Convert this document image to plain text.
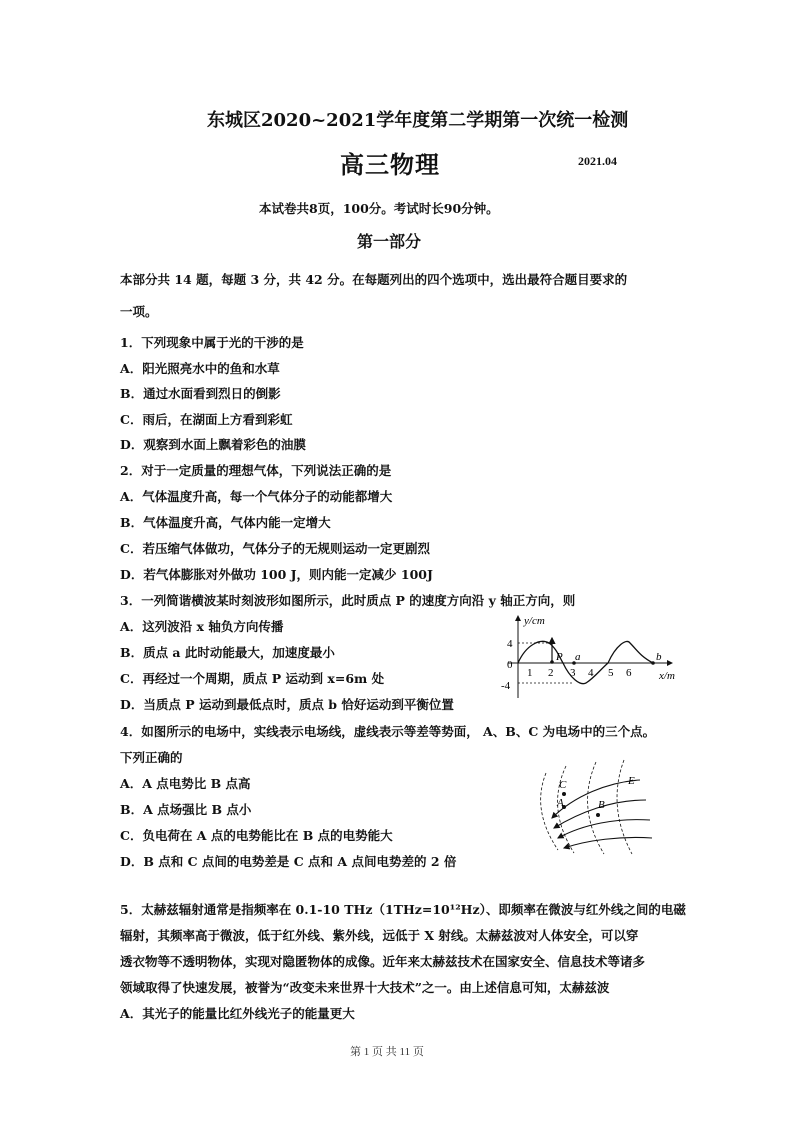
东城区2020~2021学年度第二学期第一次统一检测
高三物理	2021.04
本试卷共8页，100分。考试时长90分钟。
第一部分
本部分共 14 题，每题 3 分，共 42 分。在每题列出的四个选项中，选出最符合题目要求的
一项。
1．下列现象中属于光的干涉的是
A．阳光照亮水中的鱼和水草
B．通过水面看到烈日的倒影
C．雨后，在湖面上方看到彩虹
D．观察到水面上飘着彩色的油膜
2．对于一定质量的理想气体，下列说法正确的是
A．气体温度升高，每一个气体分子的动能都增大
B．气体温度升高，气体内能一定增大
C．若压缩气体做功，气体分子的无规则运动一定更剧烈
D．若气体膨胀对外做功 100 J，则内能一定减少 100J
3．一列简谐横波某时刻波形如图所示，此时质点 P 的速度方向沿 y 轴正方向，则
A．这列波沿 x 轴负方向传播
B．质点 a 此时动能最大，加速度最小
C．再经过一个周期，质点 P 运动到 x=6m 处
D．当质点 P 运动到最低点时，质点 b 恰好运动到平衡位置
y/cm
x/m
4
0
-4
1 2 3 4 5 6
P a	b
4．如图所示的电场中，实线表示电场线，虚线表示等差等势面， A、B、C 为电场中的三个点。
下列正确的
A．A 点电势比 B 点高
B．A 点场强比 B 点小
C．负电荷在 A 点的电势能比在 B 点的电势能大
D．B 点和 C 点间的电势差是 C 点和 A 点间电势差的 2 倍
C
A	B
E
5．太赫兹辐射通常是指频率在 0.1-10 THz（1THz=10¹²Hz）、即频率在微波与红外线之间的电磁
辐射，其频率高于微波，低于红外线、紫外线，远低于 X 射线。太赫兹波对人体安全，可以穿
透衣物等不透明物体，实现对隐匿物体的成像。近年来太赫兹技术在国家安全、信息技术等诸多
领域取得了快速发展，被誉为“改变未来世界十大技术”之一。由上述信息可知，太赫兹波
A．其光子的能量比红外线光子的能量更大
第 1 页 共 11 页
